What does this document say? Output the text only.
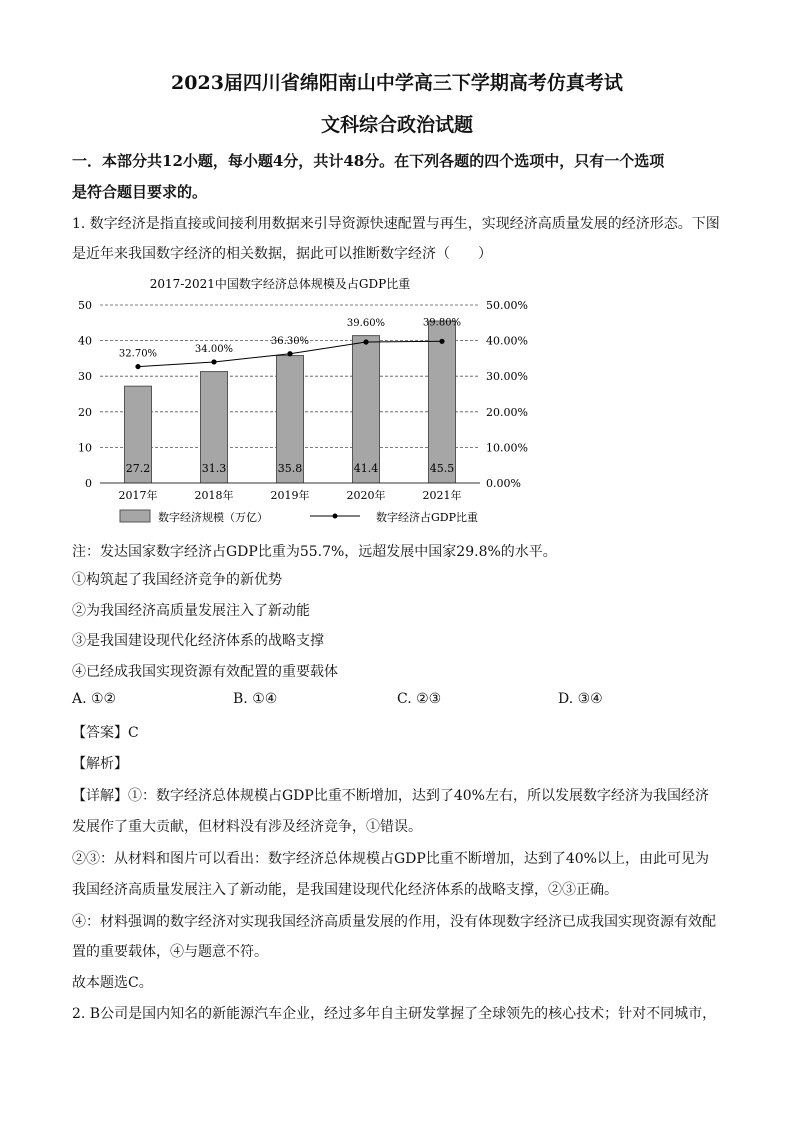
2023届四川省绵阳南山中学高三下学期高考仿真考试
文科综合政治试题
一．本部分共12小题，每小题4分，共计48分。在下列各题的四个选项中，只有一个选项
是符合题目要求的。
1. 数字经济是指直接或间接利用数据来引导资源快速配置与再生，实现经济高质量发展的经济形态。下图
是近年来我国数字经济的相关数据，据此可以推断数字经济（　　）
2017-2021中国数字经济总体规模及占GDP比重
27.2	31.3	35.8	41.4	45.5
32.70%	34.00%
36.30%
39.60%	39.80%
0
10
20
30
40
50
0.00%
10.00%
20.00%
30.00%
40.00%
50.00%
2017年	2018年	2019年	2020年	2021年
数字经济规模（万亿）	数字经济占GDP比重
注：发达国家数字经济占GDP比重为55.7%，远超发展中国家29.8%的水平。
①构筑起了我国经济竞争的新优势
②为我国经济高质量发展注入了新动能
③是我国建设现代化经济体系的战略支撑
④已经成我国实现资源有效配置的重要载体
A. ①②	B. ①④	C. ②③	D. ③④
【答案】C
【解析】
【详解】①：数字经济总体规模占GDP比重不断增加，达到了40%左右，所以发展数字经济为我国经济
发展作了重大贡献，但材料没有涉及经济竞争，①错误。
②③：从材料和图片可以看出：数字经济总体规模占GDP比重不断增加，达到了40%以上，由此可见为
我国经济高质量发展注入了新动能，是我国建设现代化经济体系的战略支撑，②③正确。
④：材料强调的数字经济对实现我国经济高质量发展的作用，没有体现数字经济已成我国实现资源有效配
置的重要载体，④与题意不符。
故本题选C。
2. B公司是国内知名的新能源汽车企业，经过多年自主研发掌握了全球领先的核心技术；针对不同城市，
